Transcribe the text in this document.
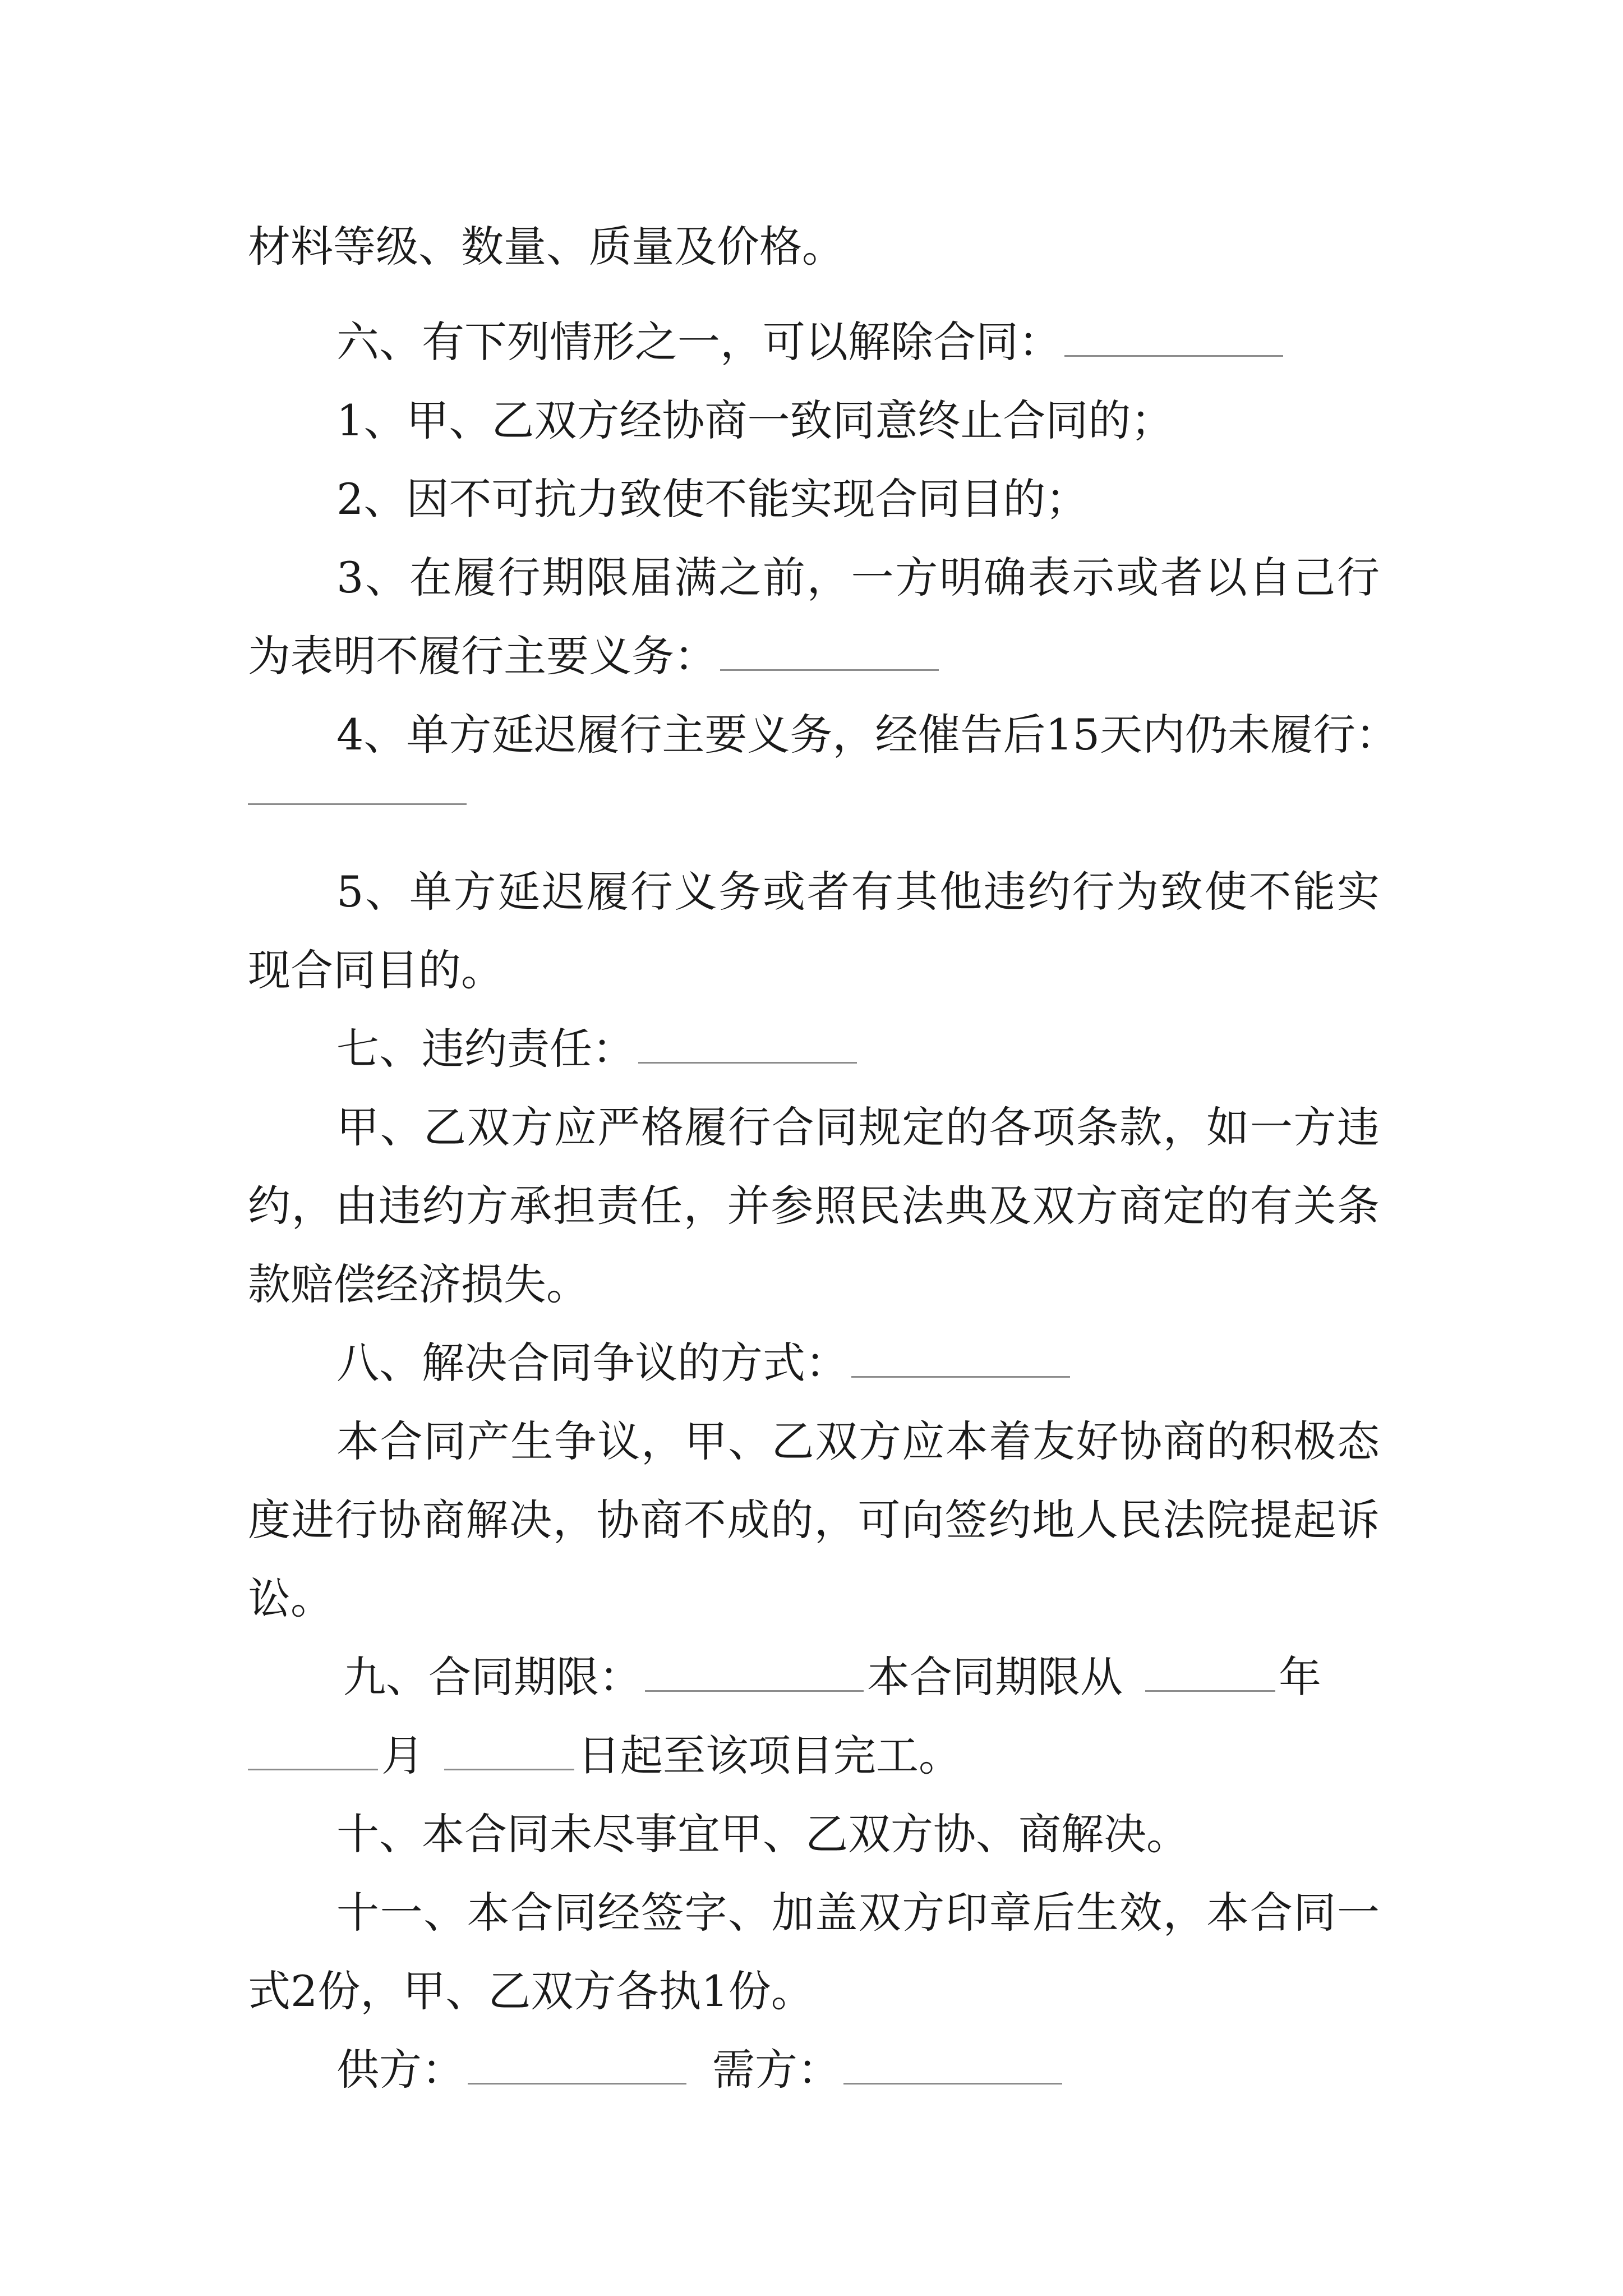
材料等级、数量、质量及价格。
六、有下列情形之一，可以解除合同：
1、甲、乙双方经协商一致同意终止合同的；
2、因不可抗力致使不能实现合同目的；
3、在履行期限届满之前，一方明确表示或者以自己行
为表明不履行主要义务：
4、单方延迟履行主要义务，经催告后15天内仍未履行：
5、单方延迟履行义务或者有其他违约行为致使不能实
现合同目的。
七、违约责任：
甲、乙双方应严格履行合同规定的各项条款，如一方违
约，由违约方承担责任，并参照民法典及双方商定的有关条
款赔偿经济损失。
八、解决合同争议的方式：
本合同产生争议，甲、乙双方应本着友好协商的积极态
度进行协商解决，协商不成的，可向签约地人民法院提起诉
讼。
九、合同期限：	本合同期限从	年
月	日起至该项目完工。
十、本合同未尽事宜甲、乙双方协、商解决。
十一、本合同经签字、加盖双方印章后生效，本合同一
式2份，甲、乙双方各执1份。
供方：	需方：
